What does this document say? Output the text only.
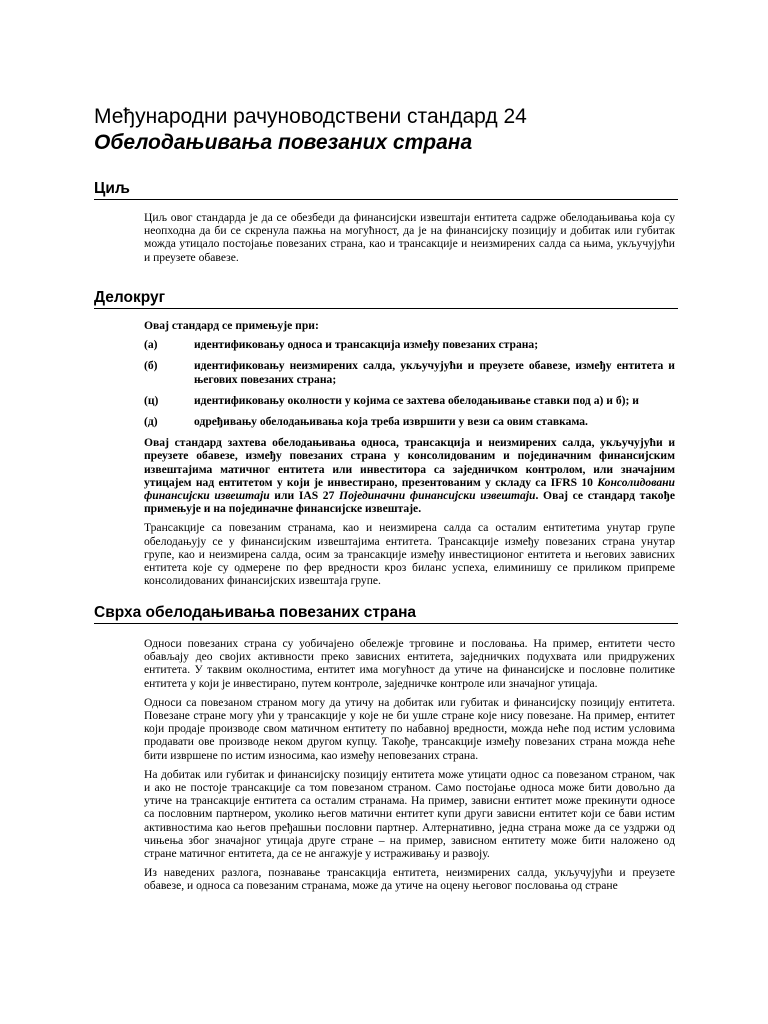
Међународни рачуноводствени стандард 24
Обелодањивања повезаних страна
Циљ

Циљ овог стандарда је да се обезбеди да финансијски извештаји ентитета садрже обелодањивања која су неопходна да би се скренула пажња на могућност, да је на финансијску позицију и добитак или губитак можда утицало постојање повезаних страна, као и трансакције и неизмирених салда са њима, укључујући и преузете обавезе.

Делокруг

Овај стандард се примењује при:

(а)	идентификовању односа и трансакција између повезаних страна;
(б)	идентификовању неизмирених салда, укључујући и преузете обавезе, између ентитета и његових повезаних страна;
(ц)	идентификовању околности у којима се захтева обелодањивање ставки под а) и б); и
(д)	одређивању обелодањивања која треба извршити у вези са овим ставкама.

Овај стандард захтева обелодањивања односа, трансакција и неизмирених салда, укључујући и преузете обавезе, између повезаних страна у консолидованим и појединачним финансијским извештајима матичног ентитета или инвеститора са заједничком контролом, или значајним утицајем над ентитетом у који је инвестирано, презентованим у складу са IFRS 10 Консолидовани финансијски извештаји или IAS 27 Појединачни финансијски извештаји. Овај се стандард такође примењује и на појединачне финансијске извештаје.

Трансакције са повезаним странама, као и неизмирена салда са осталим ентитетима унутар групе обелодањују се у финансијским извештајима ентитета. Трансакције између повезаних страна унутар групе, као и неизмирена салда, осим за трансакције између инвестиционог ентитета и његових зависних ентитета које су одмерене по фер вредности кроз биланс успеха, елиминишу се приликом припреме консолидованих финансијских извештаја групе.

Сврха обелодањивања повезаних страна

Односи повезаних страна су уобичајено обележје трговине и пословања. На пример, ентитети често обављају део својих активности преко зависних ентитета, заједничких подухвата или придружених ентитета. У таквим околностима, ентитет има могућност да утиче на финансијске и пословне политике ентитета у који је инвестирано, путем контроле, заједничке контроле или значајног утицаја.

Односи са повезаном страном могу да утичу на добитак или губитак и финансијску позицију ентитета. Повезане стране могу ући у трансакције у које не би ушле стране које нису повезане. На пример, ентитет који продаје производе свом матичном ентитету по набавној вредности, можда неће под истим условима продавати ове производе неком другом купцу. Такође, трансакције између повезаних страна можда неће бити извршене по истим износима, као између неповезаних страна.

На добитак или губитак и финансијску позицију ентитета може утицати однос са повезаном страном, чак и ако не постоје трансакције са том повезаном страном. Само постојање односа може бити довољно да утиче на трансакције ентитета са осталим странама. На пример, зависни ентитет може прекинути односе са пословним партнером, уколико његов матични ентитет купи други зависни ентитет који се бави истим активностима као његов пређашњи пословни партнер. Алтернативно, једна страна може да се уздржи од чињења због значајног утицаја друге стране – на пример, зависном ентитету може бити наложено од стране матичног ентитета, да се не ангажује у истраживању и развоју.

Из наведених разлога, познавање трансакција ентитета, неизмирених салда, укључујући и преузете обавезе, и односа са повезаним странама, може да утиче на оцену његовог пословања од стране
